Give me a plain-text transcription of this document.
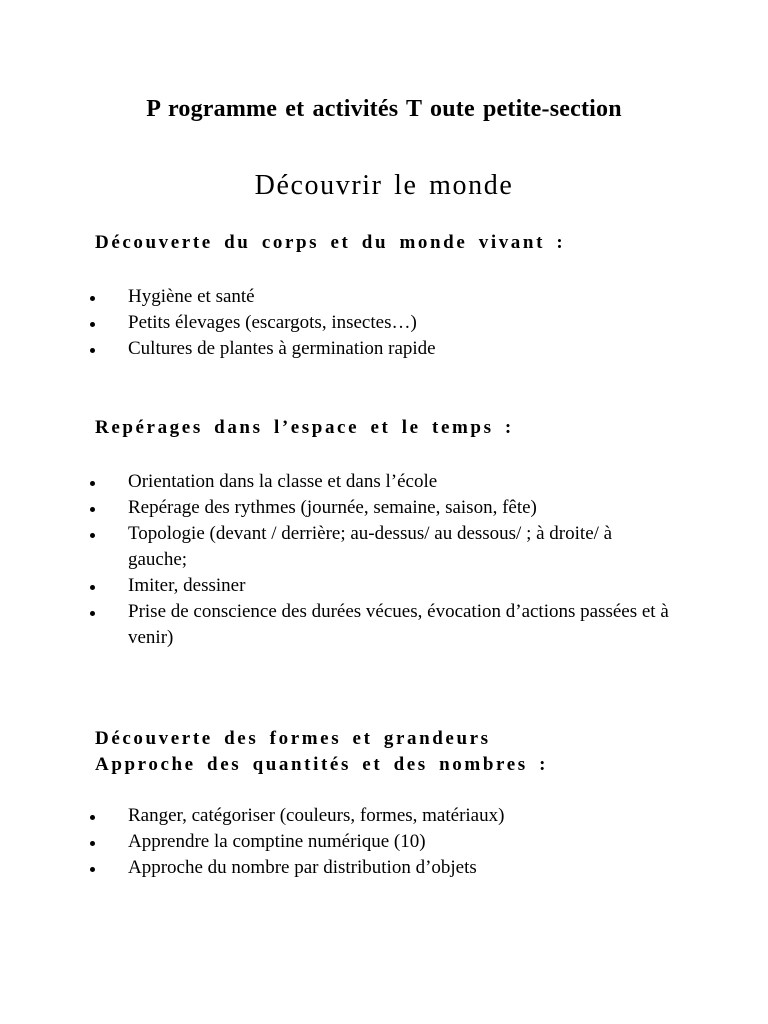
P rogramme et activités T oute petite-section
Découvrir le monde
Découverte du corps et du monde vivant :
Hygiène et santé
Petits élevages (escargots, insectes…)
Cultures de plantes à germination rapide
Repérages dans l’espace et le temps :
Orientation dans la classe et dans l’école
Repérage des rythmes (journée, semaine, saison, fête)
Topologie (devant / derrière; au-dessus/ au dessous/ ; à droite/ à gauche;
Imiter, dessiner
Prise de conscience des durées vécues, évocation d’actions passées et à venir)
Découverte des formes et grandeurs
Approche des quantités et des nombres :
Ranger, catégoriser (couleurs, formes, matériaux)
Apprendre la comptine numérique (10)
Approche du nombre par distribution d’objets
